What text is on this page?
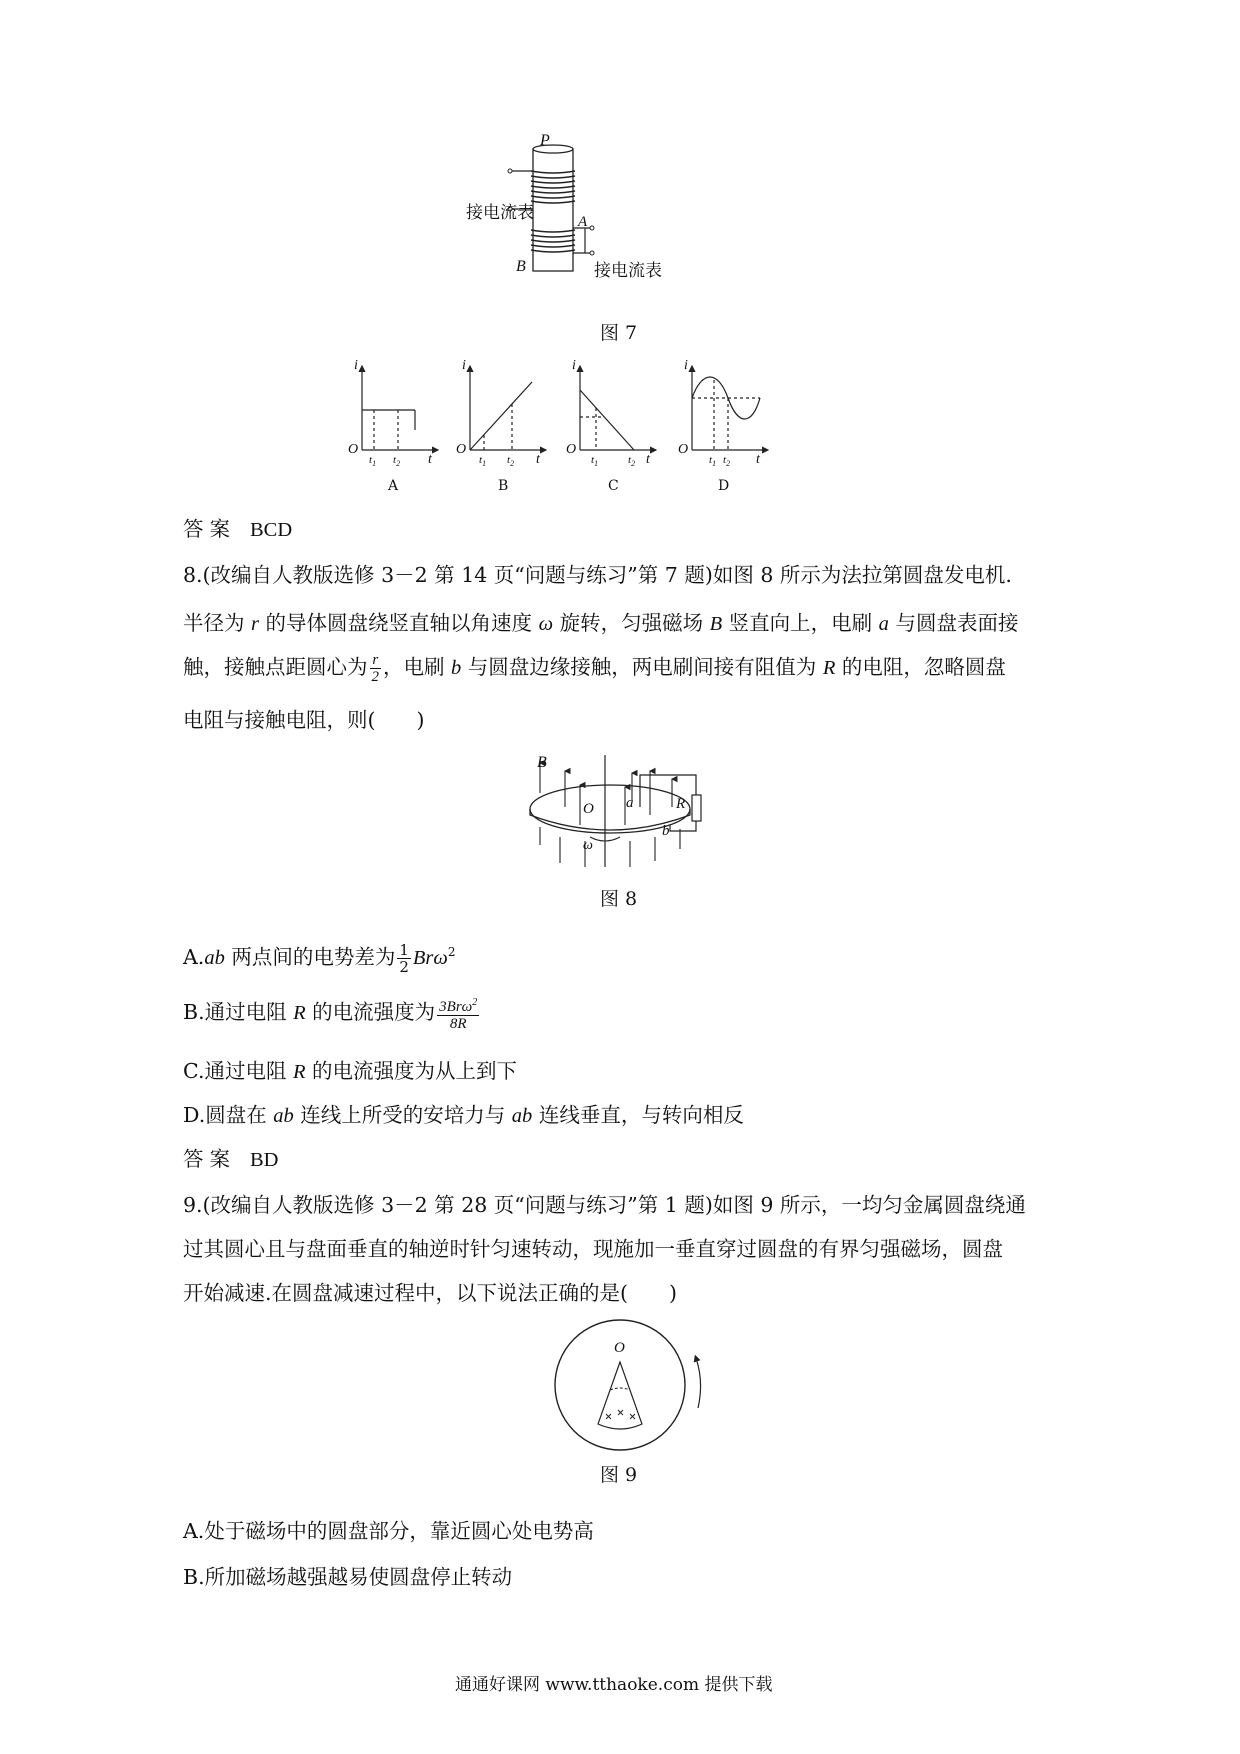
P
A
B
接电流表
接电流表
图 7
i
O
$t_1$ $t_2$ t
A
i
O
$t_1$ $t_2$ t
B
i
O
$t_1$	$t_2$ t
C
i
O
$t_1$ $t_2$ t
D
答案 BCD
8.(改编自人教版选修 3－2 第 14 页“问题与练习”第 7 题)如图 8 所示为法拉第圆盘发电机.
半径为 r 的导体圆盘绕竖直轴以角速度 ω 旋转，匀强磁场 B 竖直向上，电刷 a 与圆盘表面接
触，接触点距圆心为 $\frac{r}{2}$ ，电刷 b 与圆盘边缘接触，两电刷间接有阻值为 R 的电阻，忽略圆盘
电阻与接触电阻，则(　　)
B
O a	R
b
ω
图 8
A.ab 两点间的电势差为 $\frac{1}{2} Br\omega^2$
B.通过电阻 R 的电流强度为 $\frac{3Br\omega^2}{8R}$
C.通过电阻 R 的电流强度为从上到下
D.圆盘在 ab 连线上所受的安培力与 ab 连线垂直，与转向相反
答案 BD
9.(改编自人教版选修 3－2 第 28 页“问题与练习”第 1 题)如图 9 所示，一均匀金属圆盘绕通
过其圆心且与盘面垂直的轴逆时针匀速转动，现施加一垂直穿过圆盘的有界匀强磁场，圆盘
开始减速.在圆盘减速过程中，以下说法正确的是(　　)
O
图 9
A.处于磁场中的圆盘部分，靠近圆心处电势高
B.所加磁场越强越易使圆盘停止转动
通通好课网 www.tthaoke.com 提供下载
